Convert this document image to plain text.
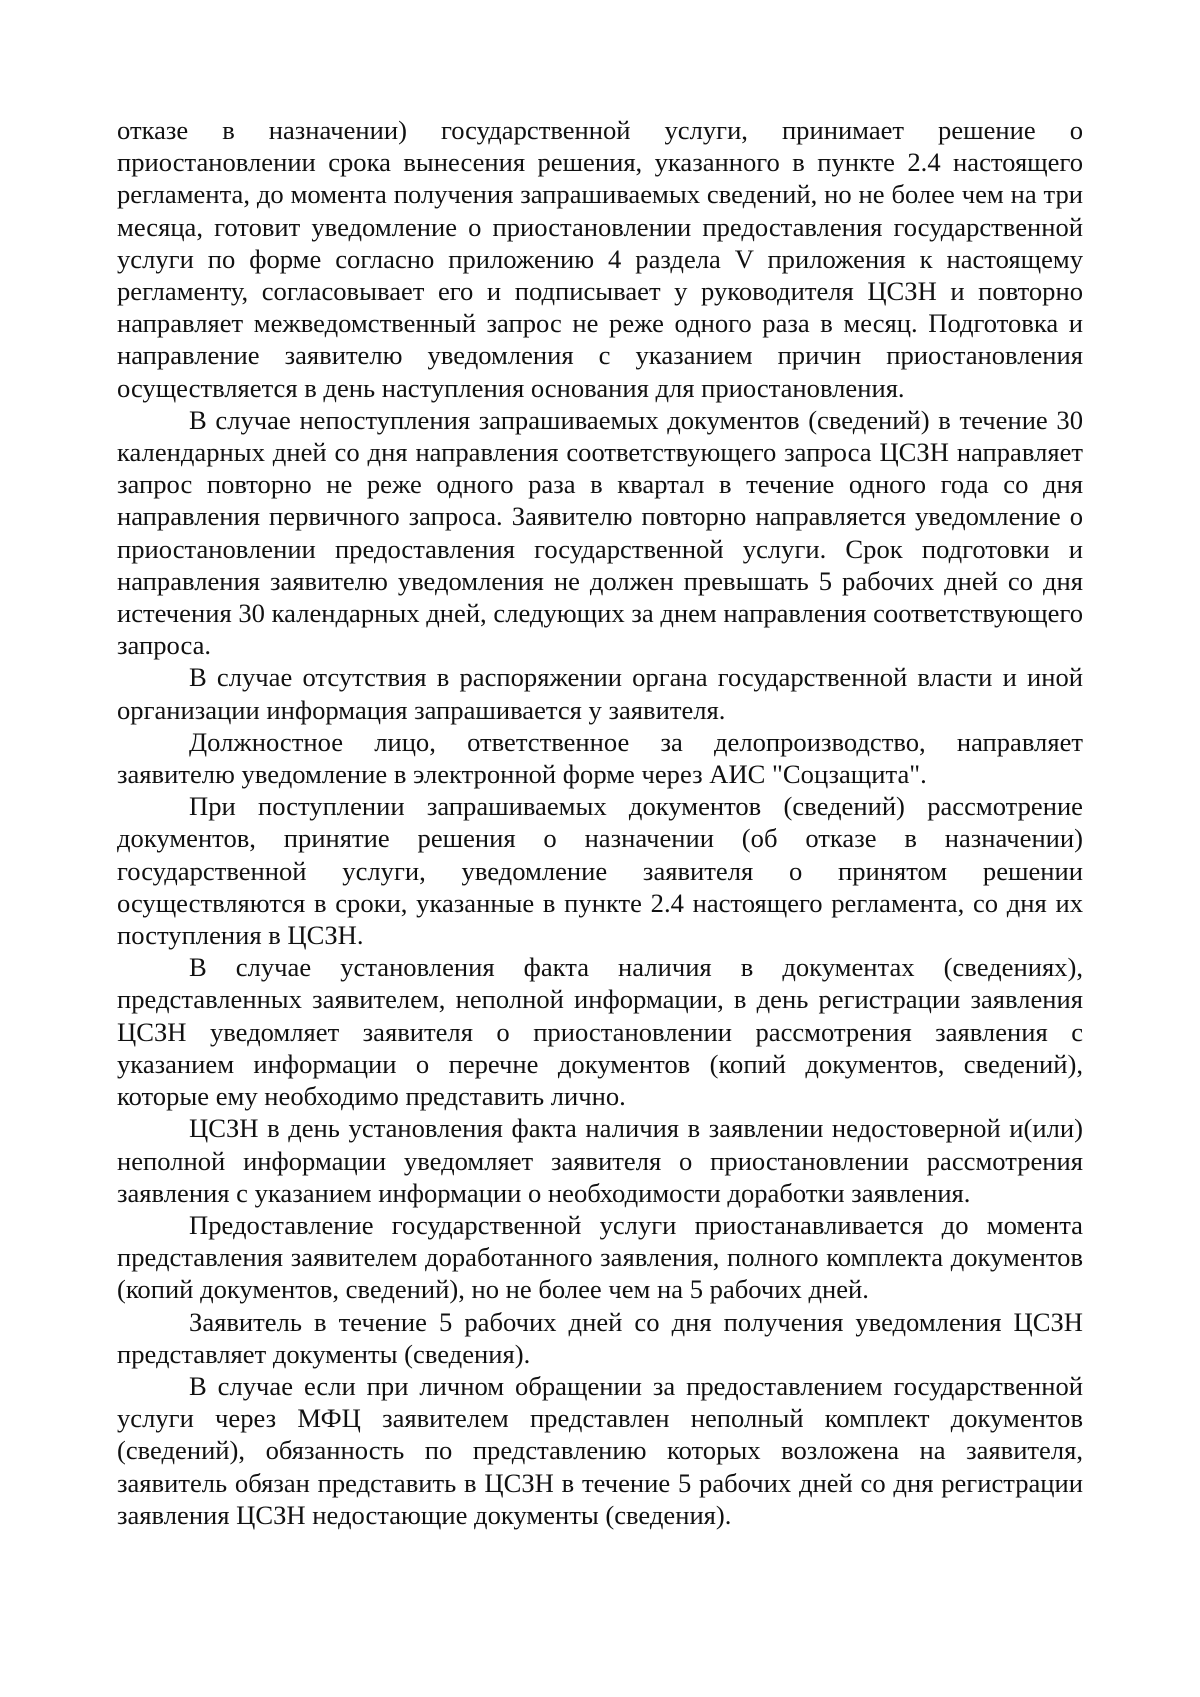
отказе в назначении) государственной услуги, принимает решение о приостановлении срока вынесения решения, указанного в пункте 2.4 настоящего регламента, до момента получения запрашиваемых сведений, но не более чем на три месяца, готовит уведомление о приостановлении предоставления государственной услуги по форме согласно приложению 4 раздела V приложения к настоящему регламенту, согласовывает его и подписывает у руководителя ЦСЗН и повторно направляет межведомственный запрос не реже одного раза в месяц. Подготовка и направление заявителю уведомления с указанием причин приостановления осуществляется в день наступления основания для приостановления.

В случае непоступления запрашиваемых документов (сведений) в течение 30 календарных дней со дня направления соответствующего запроса ЦСЗН направляет запрос повторно не реже одного раза в квартал в течение одного года со дня направления первичного запроса. Заявителю повторно направляется уведомление о приостановлении предоставления государственной услуги. Срок подготовки и направления заявителю уведомления не должен превышать 5 рабочих дней со дня истечения 30 календарных дней, следующих за днем направления соответствующего запроса.

В случае отсутствия в распоряжении органа государственной власти и иной организации информация запрашивается у заявителя.

Должностное лицо, ответственное за делопроизводство, направляет заявителю уведомление в электронной форме через АИС "Соцзащита".

При поступлении запрашиваемых документов (сведений) рассмотрение документов, принятие решения о назначении (об отказе в назначении) государственной услуги, уведомление заявителя о принятом решении осуществляются в сроки, указанные в пункте 2.4 настоящего регламента, со дня их поступления в ЦСЗН.

В случае установления факта наличия в документах (сведениях), представленных заявителем, неполной информации, в день регистрации заявления ЦСЗН уведомляет заявителя о приостановлении рассмотрения заявления с указанием информации о перечне документов (копий документов, сведений), которые ему необходимо представить лично.

ЦСЗН в день установления факта наличия в заявлении недостоверной и(или) неполной информации уведомляет заявителя о приостановлении рассмотрения заявления с указанием информации о необходимости доработки заявления.

Предоставление государственной услуги приостанавливается до момента представления заявителем доработанного заявления, полного комплекта документов (копий документов, сведений), но не более чем на 5 рабочих дней.

Заявитель в течение 5 рабочих дней со дня получения уведомления ЦСЗН представляет документы (сведения).

В случае если при личном обращении за предоставлением государственной услуги через МФЦ заявителем представлен неполный комплект документов (сведений), обязанность по представлению которых возложена на заявителя, заявитель обязан представить в ЦСЗН в течение 5 рабочих дней со дня регистрации заявления ЦСЗН недостающие документы (сведения).
